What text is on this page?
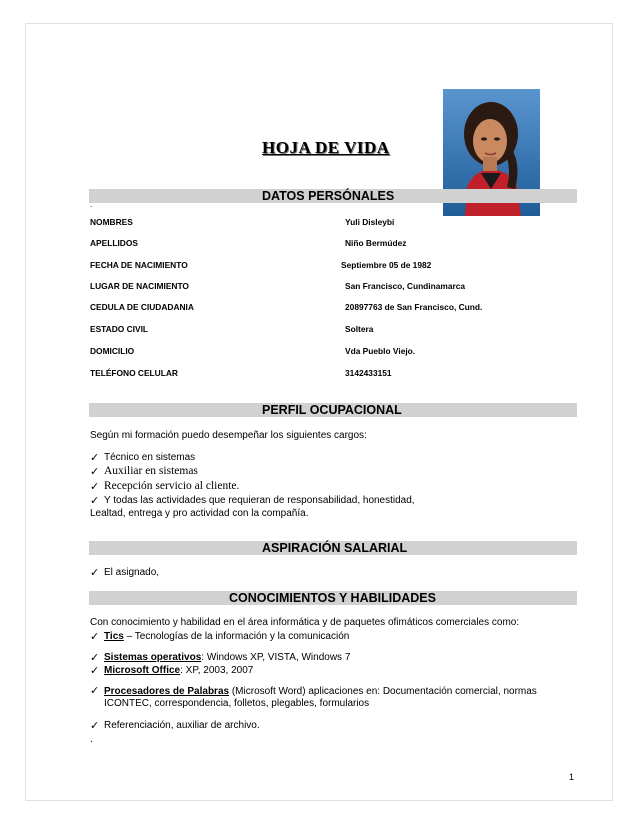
HOJA DE VIDA
DATOS PERSÓNALES
.
NOMBRES	Yuli Disleybi
APELLIDOS	Niño Bermúdez
FECHA DE NACIMIENTO	Septiembre 05 de 1982
LUGAR DE NACIMIENTO	San Francisco, Cundinamarca
CEDULA DE CIUDADANIA	20897763 de San Francisco, Cund.
ESTADO CIVIL	Soltera
DOMICILIO	Vda Pueblo Viejo.
TELÉFONO CELULAR	3142433151
PERFIL OCUPACIONAL
Según mi formación puedo desempeñar los siguientes cargos:
✓ Técnico en sistemas
✓ Auxiliar en sistemas
✓ Recepción servicio al cliente.
✓ Y todas las actividades que requieran de responsabilidad, honestidad,
Lealtad, entrega y pro actividad con la compañía.
ASPIRACIÓN SALARIAL
✓ El asignado,
CONOCIMIENTOS Y HABILIDADES
Con conocimiento y habilidad en el área informática y de paquetes ofimáticos comerciales como:
✓ Tics – Tecnologías de la información y la comunicación
✓ Sistemas operativos: Windows XP, VISTA, Windows 7
✓ Microsoft Office: XP, 2003, 2007
✓ Procesadores de Palabras (Microsoft Word) aplicaciones en: Documentación comercial, normas
ICONTEC, correspondencia, folletos, plegables, formularios
✓ Referenciación, auxiliar de archivo.
.
1
